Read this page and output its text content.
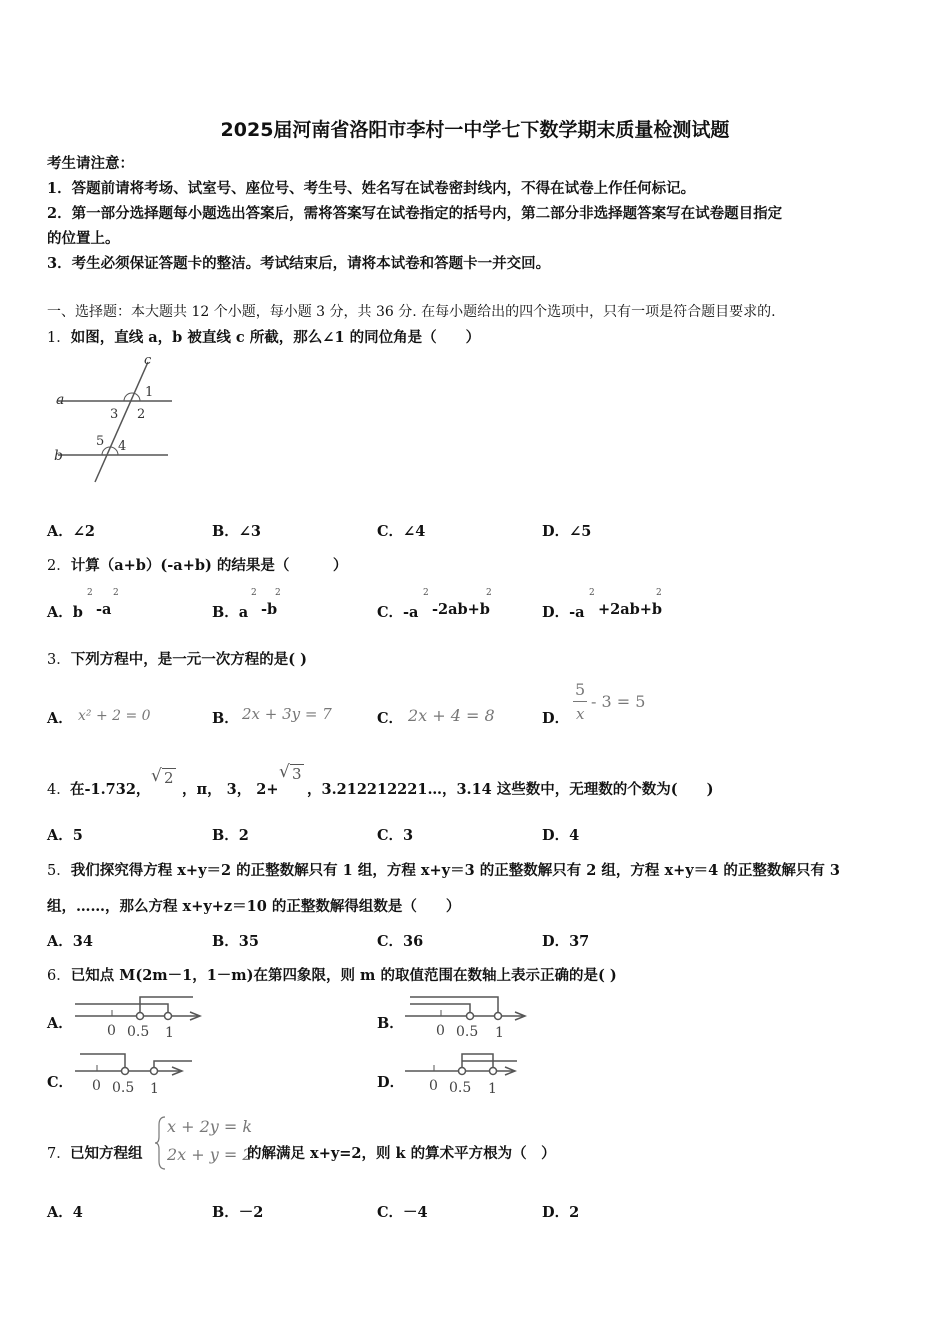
2025届河南省洛阳市李村一中学七下数学期末质量检测试题
考生请注意：
1．答题前请将考场、试室号、座位号、考生号、姓名写在试卷密封线内，不得在试卷上作任何标记。
2．第一部分选择题每小题选出答案后，需将答案写在试卷指定的括号内，第二部分非选择题答案写在试卷题目指定
的位置上。
3．考生必须保证答题卡的整洁。考试结束后，请将本试卷和答题卡一并交回。
一、选择题：本大题共 12 个小题，每小题 3 分，共 36 分. 在每小题给出的四个选项中，只有一项是符合题目要求的.
1．如图，直线 a，b 被直线 c 所截，那么∠1 的同位角是（　　）
c
a
b
1
2
3
4
5
A．∠2	B．∠3	C．∠4	D．∠5
2．计算（a+b）(-a+b) 的结果是（　　　）
A．b
2
-a
2
B．a
2
-b
2
C．-a
2
-2ab+b
2
D．-a
2
+2ab+b
2
3．下列方程中，是一元一次方程的是( )
A． x² + 2 = 0	B． 2x + 3y = 7	C． 2x + 4 = 8	D．
5
x
- 3 = 5
4． 在-1.732，
√ 2
，π， 3， 2+
√ 3
，3.212212221…，3.14 这些数中，无理数的个数为(　　)
A．5	B．2	C．3	D．4
5．我们探究得方程 x+y＝2 的正整数解只有 1 组，方程 x+y＝3 的正整数解只有 2 组，方程 x+y＝4 的正整数解只有 3
组，……，那么方程 x+y+z＝10 的正整数解得组数是（　　）
A．34	B．35	C．36	D．37
6．已知点 M(2m－1，1－m)在第四象限，则 m 的取值范围在数轴上表示正确的是( )
A． 0 0.5 1
B． 0 0.5 1
C． 0 0.5 1	D． 0 0.5 1
7． 已知方程组
x + 2y = k
2x + y = 2
的解满足 x+y=2，则 k 的算术平方根为（　）
A．4	B．－2	C．－4	D．2
